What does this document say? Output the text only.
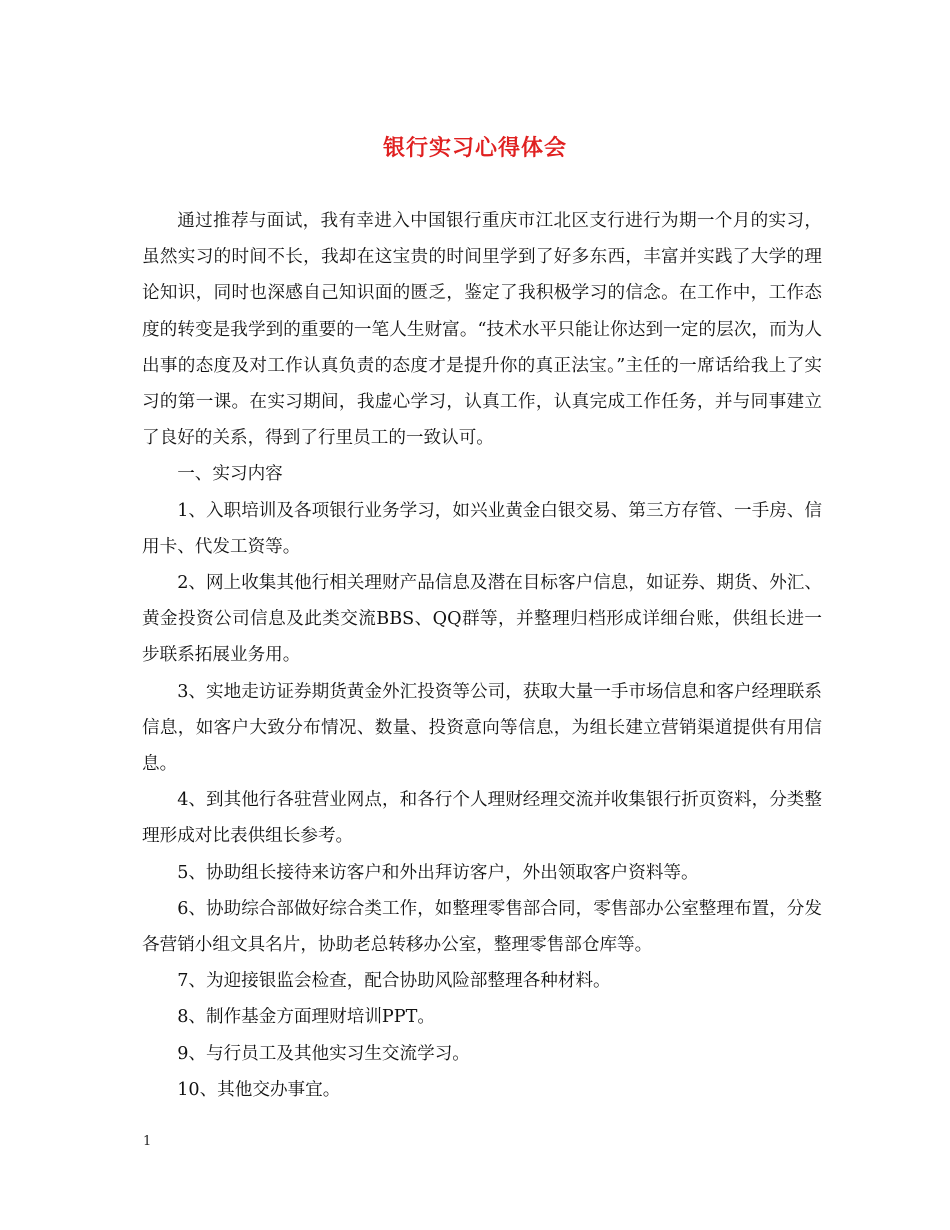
银行实习心得体会

通过推荐与面试，我有幸进入中国银行重庆市江北区支行进行为期一个月的实习，虽然实习的时间不长，我却在这宝贵的时间里学到了好多东西，丰富并实践了大学的理论知识，同时也深感自己知识面的匮乏，鉴定了我积极学习的信念。在工作中，工作态度的转变是我学到的重要的一笔人生财富。“技术水平只能让你达到一定的层次，而为人出事的态度及对工作认真负责的态度才是提升你的真正法宝。”主任的一席话给我上了实习的第一课。在实习期间，我虚心学习，认真工作，认真完成工作任务，并与同事建立了良好的关系，得到了行里员工的一致认可。

一、实习内容

1、入职培训及各项银行业务学习，如兴业黄金白银交易、第三方存管、一手房、信用卡、代发工资等。

2、网上收集其他行相关理财产品信息及潜在目标客户信息，如证券、期货、外汇、黄金投资公司信息及此类交流BBS、QQ群等，并整理归档形成详细台账，供组长进一步联系拓展业务用。

3、实地走访证券期货黄金外汇投资等公司，获取大量一手市场信息和客户经理联系信息，如客户大致分布情况、数量、投资意向等信息，为组长建立营销渠道提供有用信息。

4、到其他行各驻营业网点，和各行个人理财经理交流并收集银行折页资料，分类整理形成对比表供组长参考。

5、协助组长接待来访客户和外出拜访客户，外出领取客户资料等。

6、协助综合部做好综合类工作，如整理零售部合同，零售部办公室整理布置，分发各营销小组文具名片，协助老总转移办公室，整理零售部仓库等。

7、为迎接银监会检查，配合协助风险部整理各种材料。

8、制作基金方面理财培训PPT。

9、与行员工及其他实习生交流学习。

10、其他交办事宜。

1
